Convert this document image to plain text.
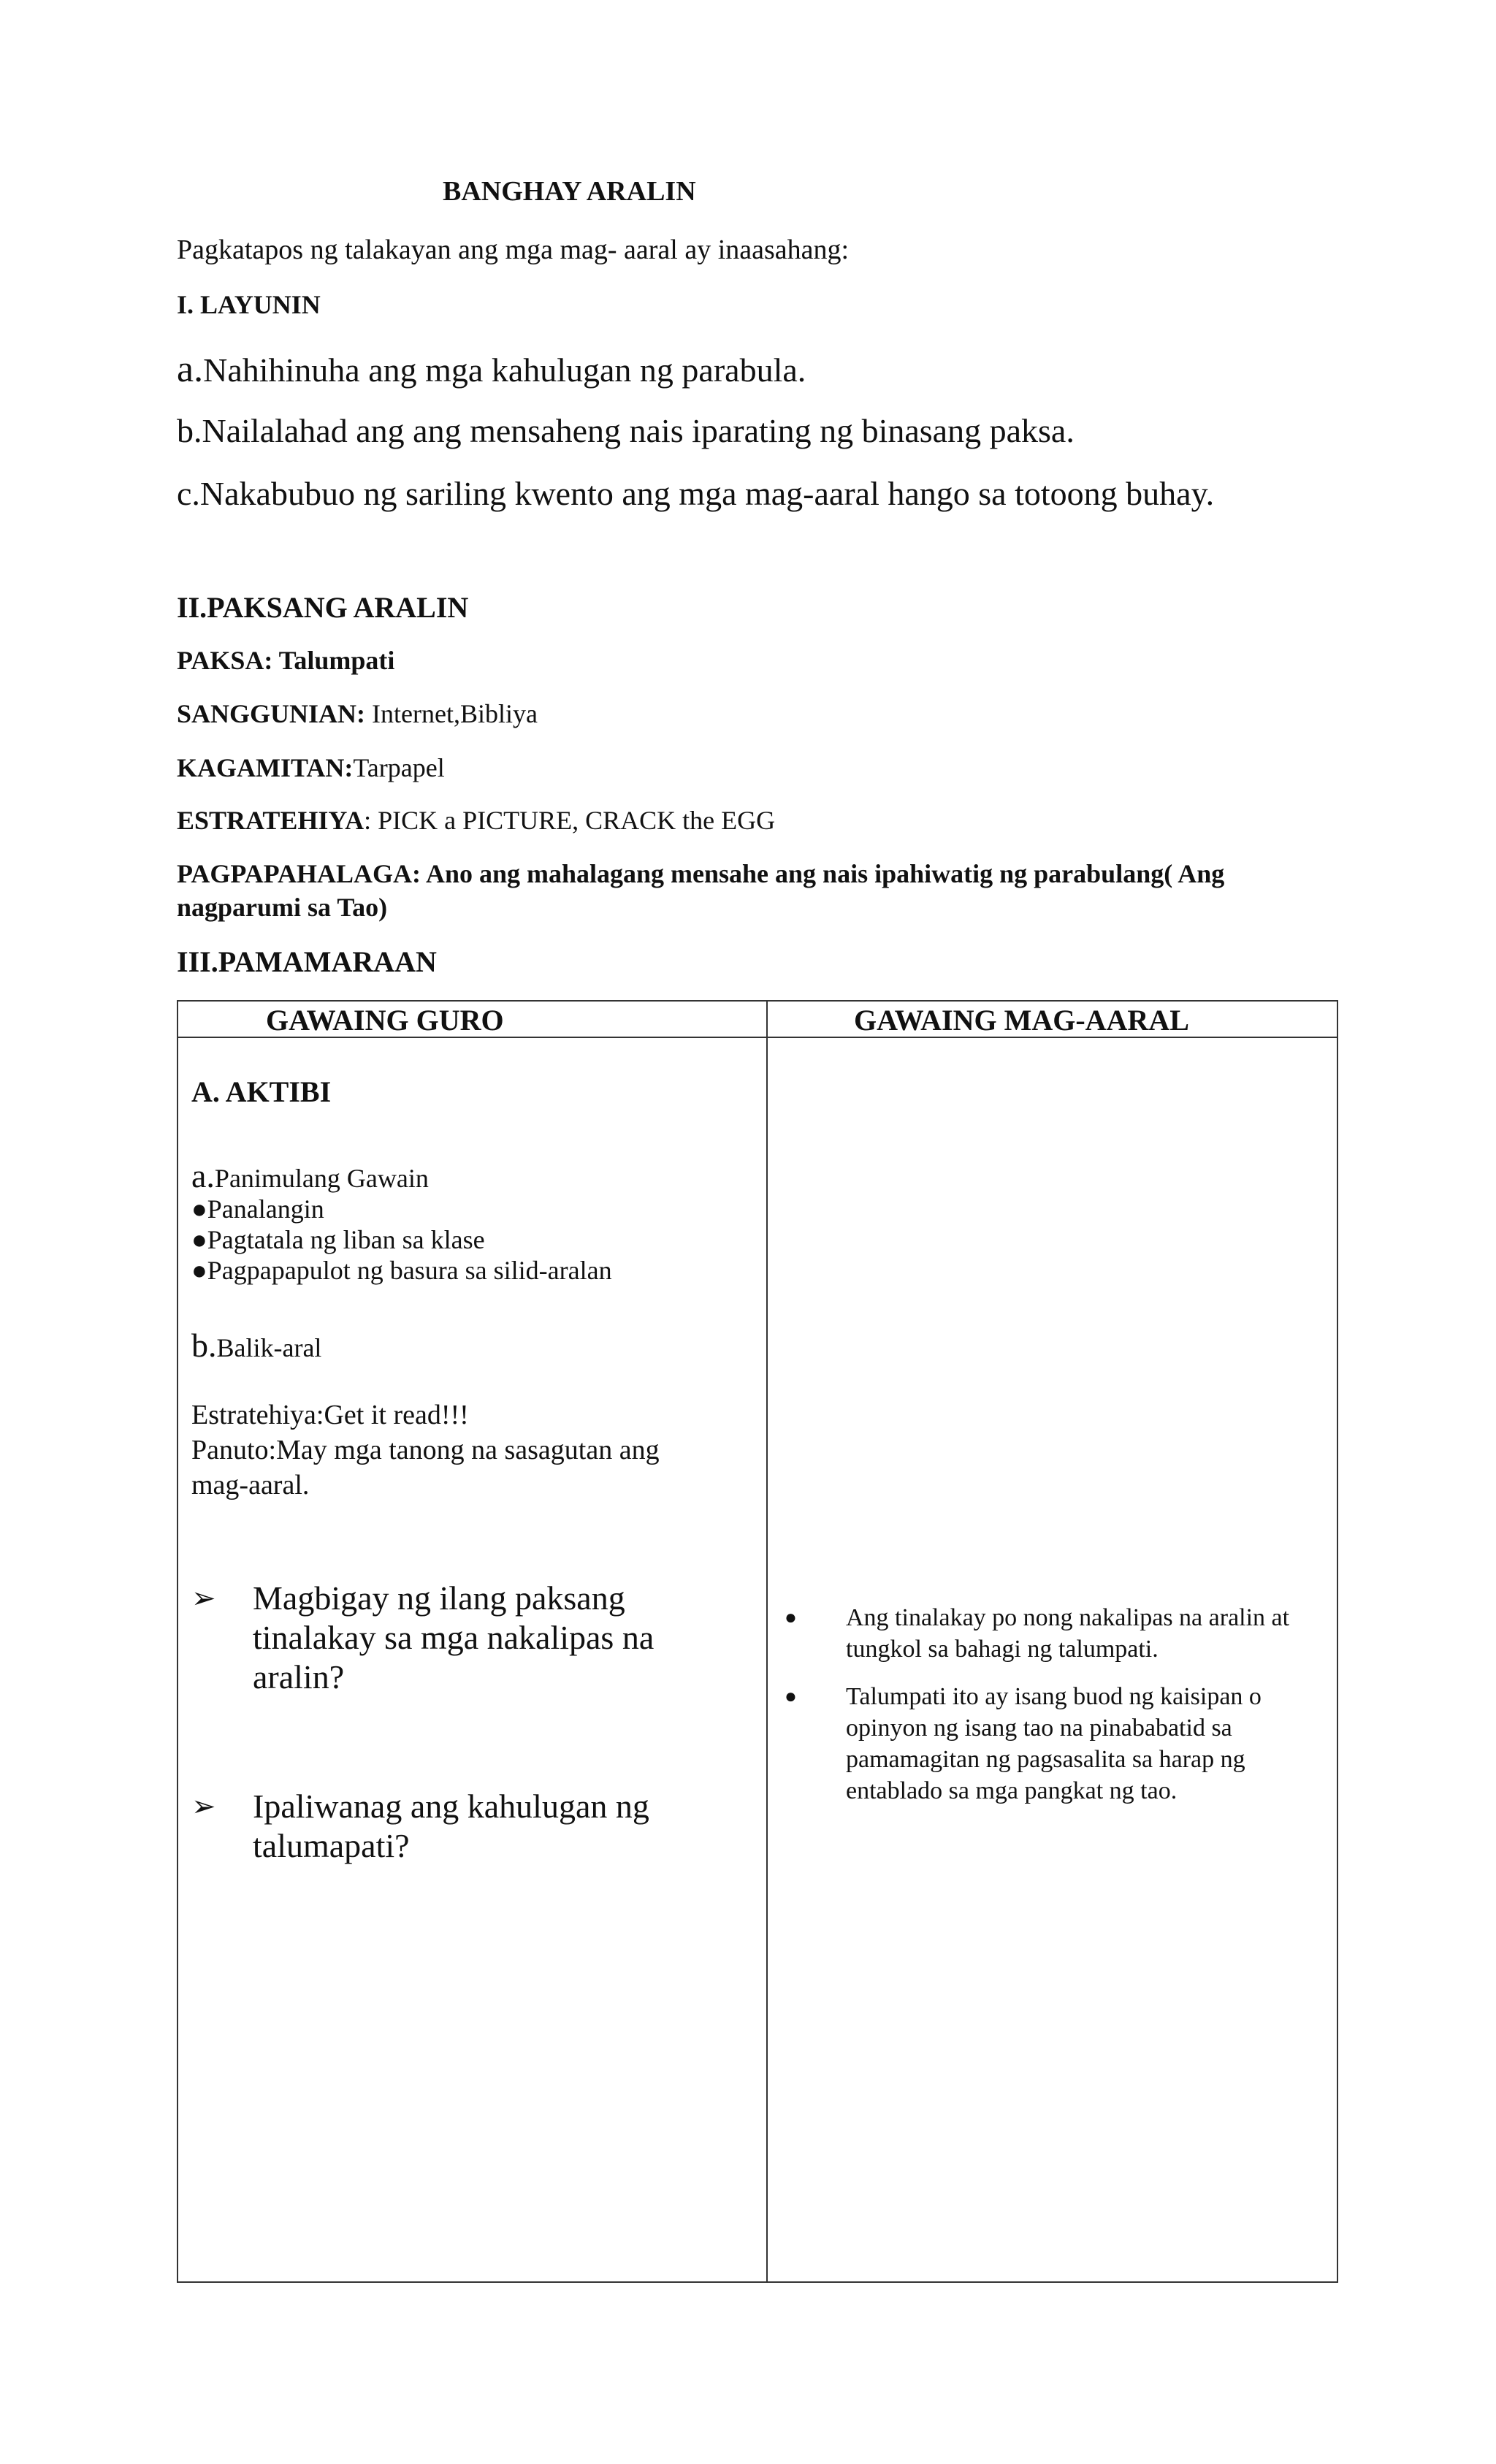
BANGHAY ARALIN
Pagkatapos ng talakayan ang mga mag- aaral ay inaasahang:
I. LAYUNIN
a.Nahihinuha ang mga kahulugan ng parabula.
b.Nailalahad ang ang mensaheng nais iparating ng binasang paksa.
c.Nakabubuo ng sariling kwento ang mga mag-aaral hango sa totoong buhay.
II.PAKSANG ARALIN
PAKSA: Talumpati
SANGGUNIAN: Internet,Bibliya
KAGAMITAN:Tarpapel
ESTRATEHIYA: PICK a PICTURE, CRACK the EGG
PAGPAPAHALAGA: Ano ang mahalagang mensahe ang nais ipahiwatig ng parabulang( Ang nagparumi sa Tao)
III.PAMAMARAAN
GAWAING GURO	GAWAING MAG-AARAL
A. AKTIBI
a.Panimulang Gawain
●Panalangin
●Pagtatala ng liban sa klase
●Pagpapapulot ng basura sa silid-aralan
b.Balik-aral
Estratehiya:Get it read!!!
Panuto:May mga tanong na sasagutan ang
mag-aaral.
➢ Magbigay ng ilang paksang tinalakay sa mga nakalipas na aralin?
➢ Ipaliwanag ang kahulugan ng talumapati?
● Ang tinalakay po nong nakalipas na aralin at tungkol sa bahagi ng talumpati.
● Talumpati ito ay isang buod ng kaisipan o opinyon ng isang tao na pinababatid sa pamamagitan ng pagsasalita sa harap ng entablado sa mga pangkat ng tao.
